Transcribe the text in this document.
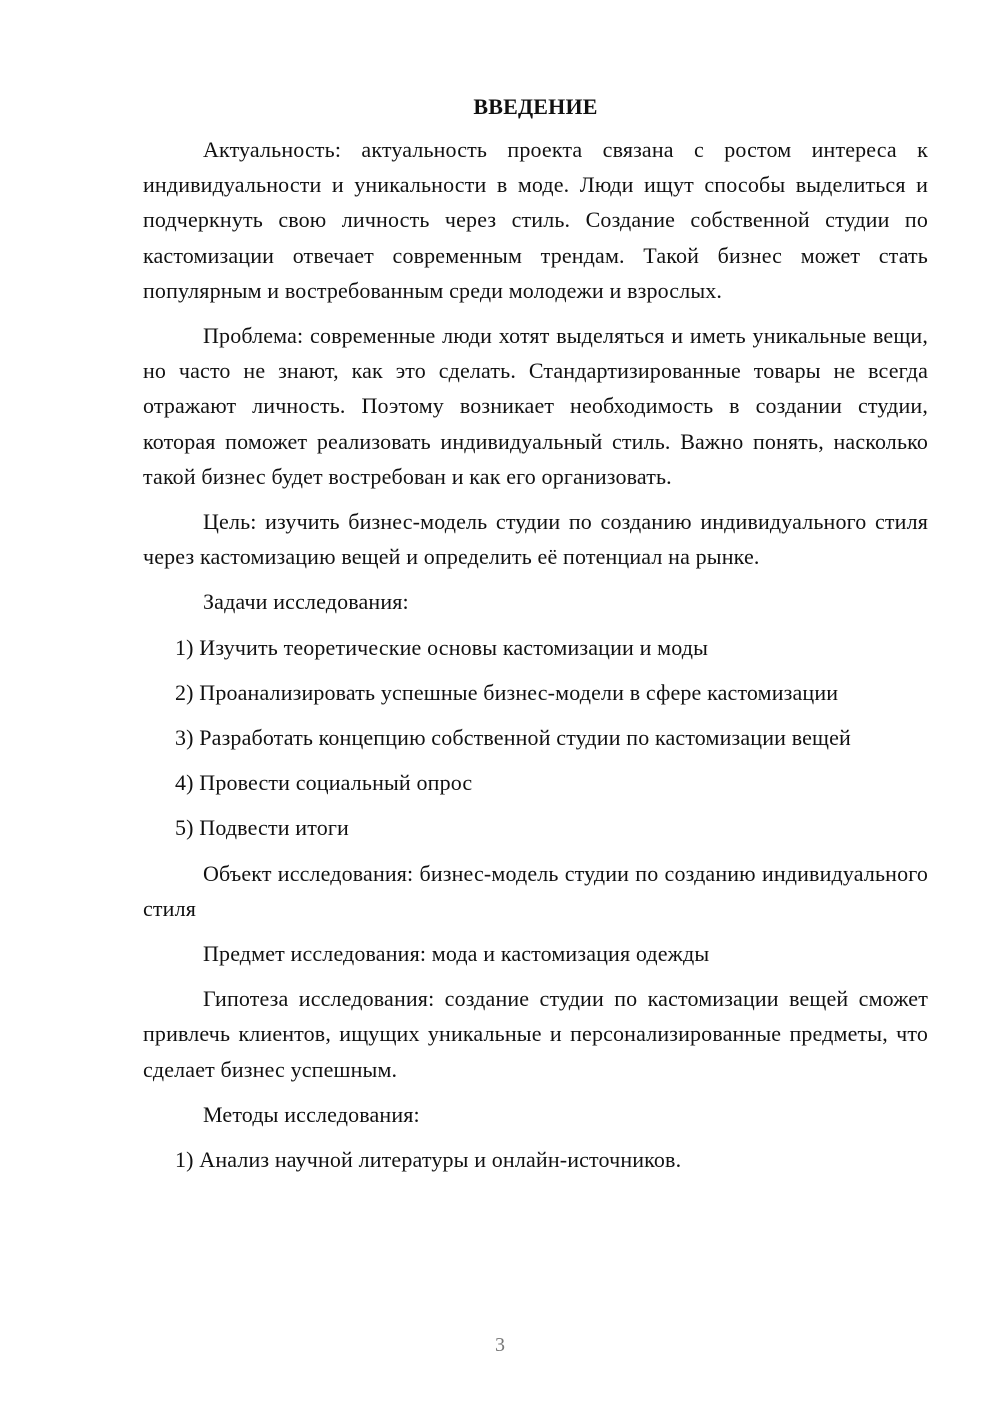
ВВЕДЕНИЕ

Актуальность: актуальность проекта связана с ростом интереса к индивидуальности и уникальности в моде. Люди ищут способы выделиться и подчеркнуть свою личность через стиль. Создание собственной студии по кастомизации отвечает современным трендам. Такой бизнес может стать популярным и востребованным среди молодежи и взрослых.

Проблема: современные люди хотят выделяться и иметь уникальные вещи, но часто не знают, как это сделать. Стандартизированные товары не всегда отражают личность. Поэтому возникает необходимость в создании студии, которая поможет реализовать индивидуальный стиль. Важно понять, насколько такой бизнес будет востребован и как его организовать.

Цель: изучить бизнес-модель студии по созданию индивидуального стиля через кастомизацию вещей и определить её потенциал на рынке.

Задачи исследования:

1) Изучить теоретические основы кастомизации и моды

2) Проанализировать успешные бизнес-модели в сфере кастомизации

3) Разработать концепцию собственной студии по кастомизации вещей

4) Провести социальный опрос

5) Подвести итоги

Объект исследования: бизнес-модель студии по созданию индивидуального стиля

Предмет исследования: мода и кастомизация одежды

Гипотеза исследования: создание студии по кастомизации вещей сможет привлечь клиентов, ищущих уникальные и персонализированные предметы, что сделает бизнес успешным.

Методы исследования:

1) Анализ научной литературы и онлайн-источников.

3
